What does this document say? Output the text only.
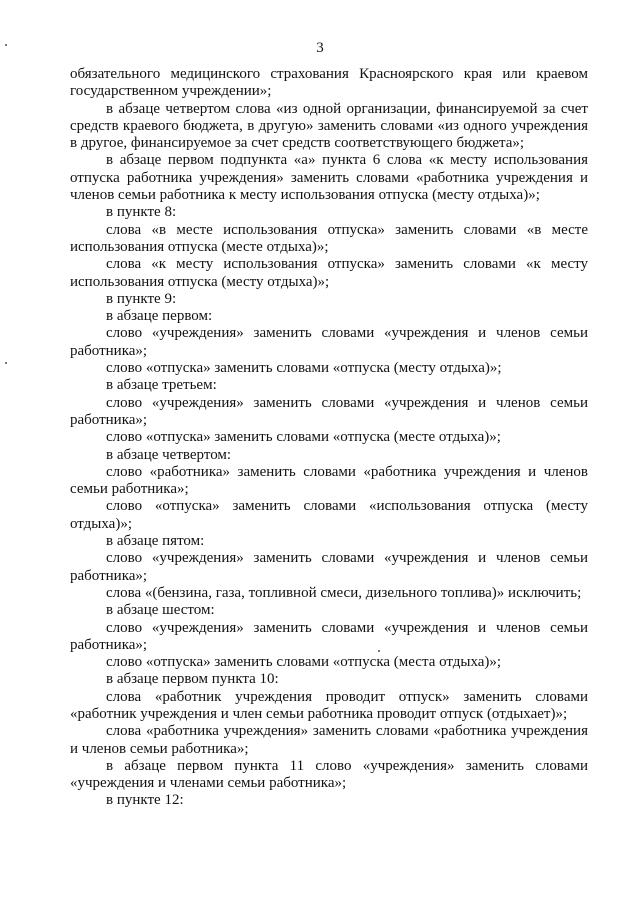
3

обязательного медицинского страхования Красноярского края или краевом государственном учреждении»;

в абзаце четвертом слова «из одной организации, финансируемой за счет средств краевого бюджета, в другую» заменить словами «из одного учреждения в другое, финансируемое за счет средств соответствующего бюджета»;

в абзаце первом подпункта «а» пункта 6 слова «к месту использования отпуска работника учреждения» заменить словами «работника учреждения и членов семьи работника к месту использования отпуска (месту отдыха)»;

в пункте 8:

слова «в месте использования отпуска» заменить словами «в месте использования отпуска (месте отдыха)»;

слова «к месту использования отпуска» заменить словами «к месту использования отпуска (месту отдыха)»;

в пункте 9:

в абзаце первом:

слово «учреждения» заменить словами «учреждения и членов семьи работника»;

слово «отпуска» заменить словами «отпуска (месту отдыха)»;

в абзаце третьем:

слово «учреждения» заменить словами «учреждения и членов семьи работника»;

слово «отпуска» заменить словами «отпуска (месте отдыха)»;

в абзаце четвертом:

слово «работника» заменить словами «работника учреждения и членов семьи работника»;

слово «отпуска» заменить словами «использования отпуска (месту отдыха)»;

в абзаце пятом:

слово «учреждения» заменить словами «учреждения и членов семьи работника»;

слова «(бензина, газа, топливной смеси, дизельного топлива)» исключить;

в абзаце шестом:

слово «учреждения» заменить словами «учреждения и членов семьи работника»;

слово «отпуска» заменить словами «отпуска (места отдыха)»;

в абзаце первом пункта 10:

слова «работник учреждения проводит отпуск» заменить словами «работник учреждения и член семьи работника проводит отпуск (отдыхает)»;

слова «работника учреждения» заменить словами «работника учреждения и членов семьи работника»;

в абзаце первом пункта 11 слово «учреждения» заменить словами «учреждения и членами семьи работника»;

в пункте 12:
